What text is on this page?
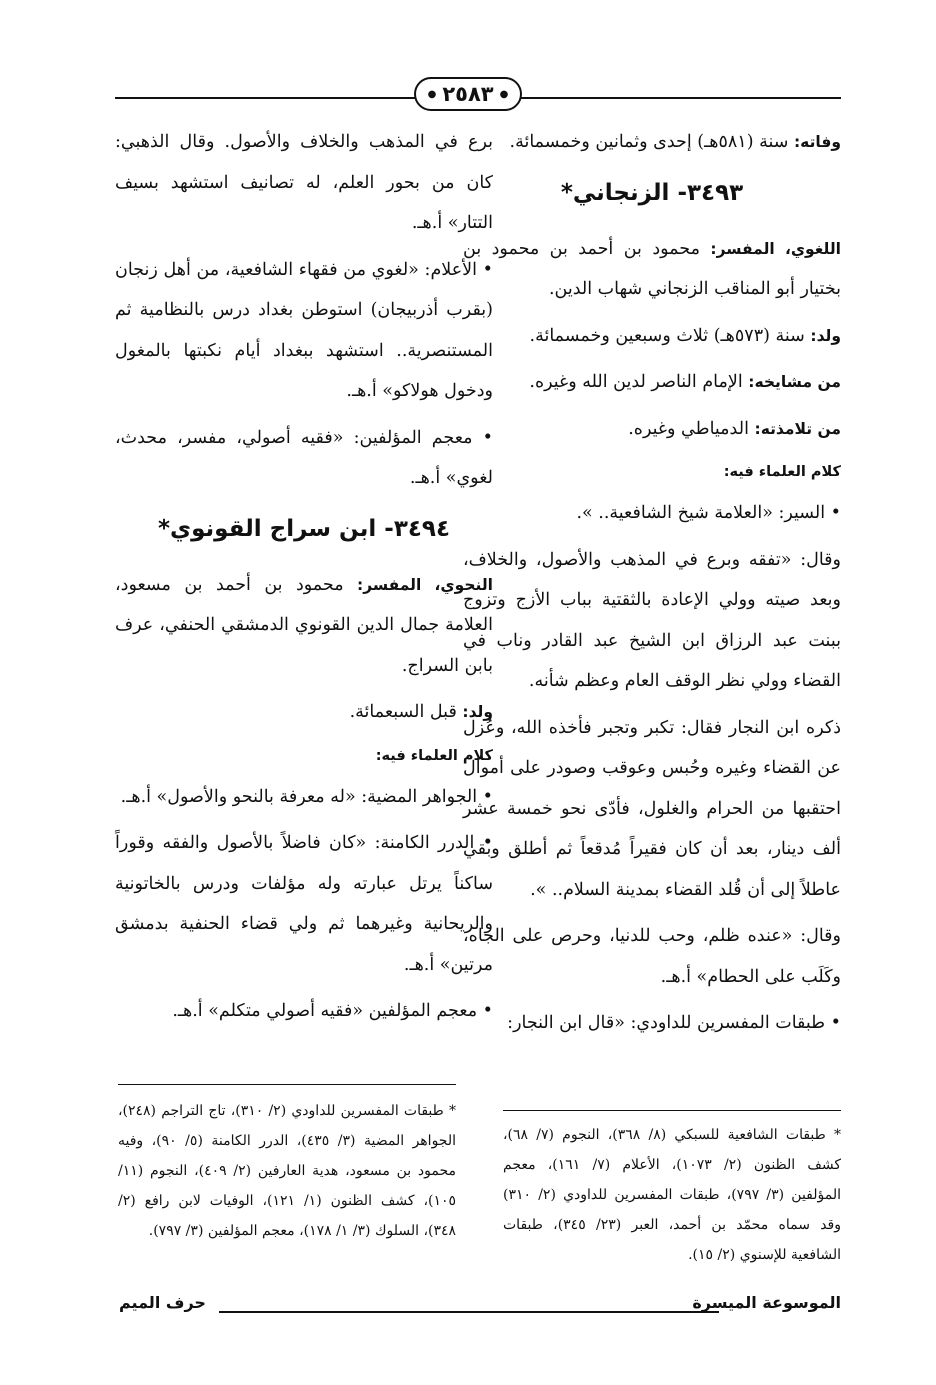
●
٢٥٨٣
●

وفاته: سنة (٥٨١هـ) إحدى وثمانين وخمسمائة.

٣٤٩٣- الزنجاني*

اللغوي، المفسر: محمود بن أحمد بن محمود بن بختيار أبو المناقب الزنجاني شهاب الدين.

ولد: سنة (٥٧٣هـ) ثلاث وسبعين وخمسمائة.

من مشايخه: الإمام الناصر لدين الله وغيره.

من تلامذته: الدمياطي وغيره.

كلام العلماء فيه:

• السير: «العلامة شيخ الشافعية.. ».

وقال: «تفقه وبرع في المذهب والأصول، والخلاف، وبعد صيته وولي الإعادة بالثقتية بباب الأزج وتزوج ببنت عبد الرزاق ابن الشيخ عبد القادر وناب في القضاء وولي نظر الوقف العام وعظم شأنه.

ذكره ابن النجار فقال: تكبر وتجبر فأخذه الله، وعُزل عن القضاء وغيره وحُبس وعوقب وصودر على أموال احتقبها من الحرام والغلول، فأدّى نحو خمسة عشر ألف دينار، بعد أن كان فقيراً مُدقعاً ثم أطلق وبقي عاطلاً إلى أن قُلد القضاء بمدينة السلام.. ».

وقال: «عنده ظلم، وحب للدنيا، وحرص على الجاه، وكَلَب على الحطام» أ.هـ.

• طبقات المفسرين للداودي: «قال ابن النجار:

برع في المذهب والخلاف والأصول. وقال الذهبي: كان من بحور العلم، له تصانيف استشهد بسيف التتار» أ.هـ.

• الأعلام: «لغوي من فقهاء الشافعية، من أهل زنجان (بقرب أذربيجان) استوطن بغداد درس بالنظامية ثم المستنصرية.. استشهد ببغداد أيام نكبتها بالمغول ودخول هولاكو» أ.هـ.

• معجم المؤلفين: «فقيه أصولي، مفسر، محدث، لغوي» أ.هـ.

٣٤٩٤- ابن سراج القونوي*

النحوي، المفسر: محمود بن أحمد بن مسعود، العلامة جمال الدين القونوي الدمشقي الحنفي، عرف بابن السراج.

ولد: قبل السبعمائة.

كلام العلماء فيه:

• الجواهر المضية: «له معرفة بالنحو والأصول» أ.هـ.

• الدرر الكامنة: «كان فاضلاً بالأصول والفقه وقوراً ساكناً يرتل عبارته وله مؤلفات ودرس بالخاتونية والريحانية وغيرهما ثم ولي قضاء الحنفية بدمشق مرتين» أ.هـ.

• معجم المؤلفين «فقيه أصولي متكلم» أ.هـ.

* طبقات الشافعية للسبكي (٨/ ٣٦٨)، النجوم (٧/ ٦٨)، كشف الظنون (٢/ ١٠٧٣)، الأعلام (٧/ ١٦١)، معجم المؤلفين (٣/ ٧٩٧)، طبقات المفسرين للداودي (٢/ ٣١٠) وقد سماه محمّد بن أحمد، العبر (٢٣/ ٣٤٥)، طبقات الشافعية للإسنوي (٢/ ١٥).
* طبقات المفسرين للداودي (٢/ ٣١٠)، تاج التراجم (٢٤٨)، الجواهر المضية (٣/ ٤٣٥)، الدرر الكامنة (٥/ ٩٠)، وفيه محمود بن مسعود، هدية العارفين (٢/ ٤٠٩)، النجوم (١١/ ١٠٥)، كشف الظنون (١/ ١٢١)، الوفيات لابن رافع (٢/ ٣٤٨)، السلوك (٣/ ١/ ١٧٨)، معجم المؤلفين (٣/ ٧٩٧).
الموسوعة الميسرة
حرف الميم
